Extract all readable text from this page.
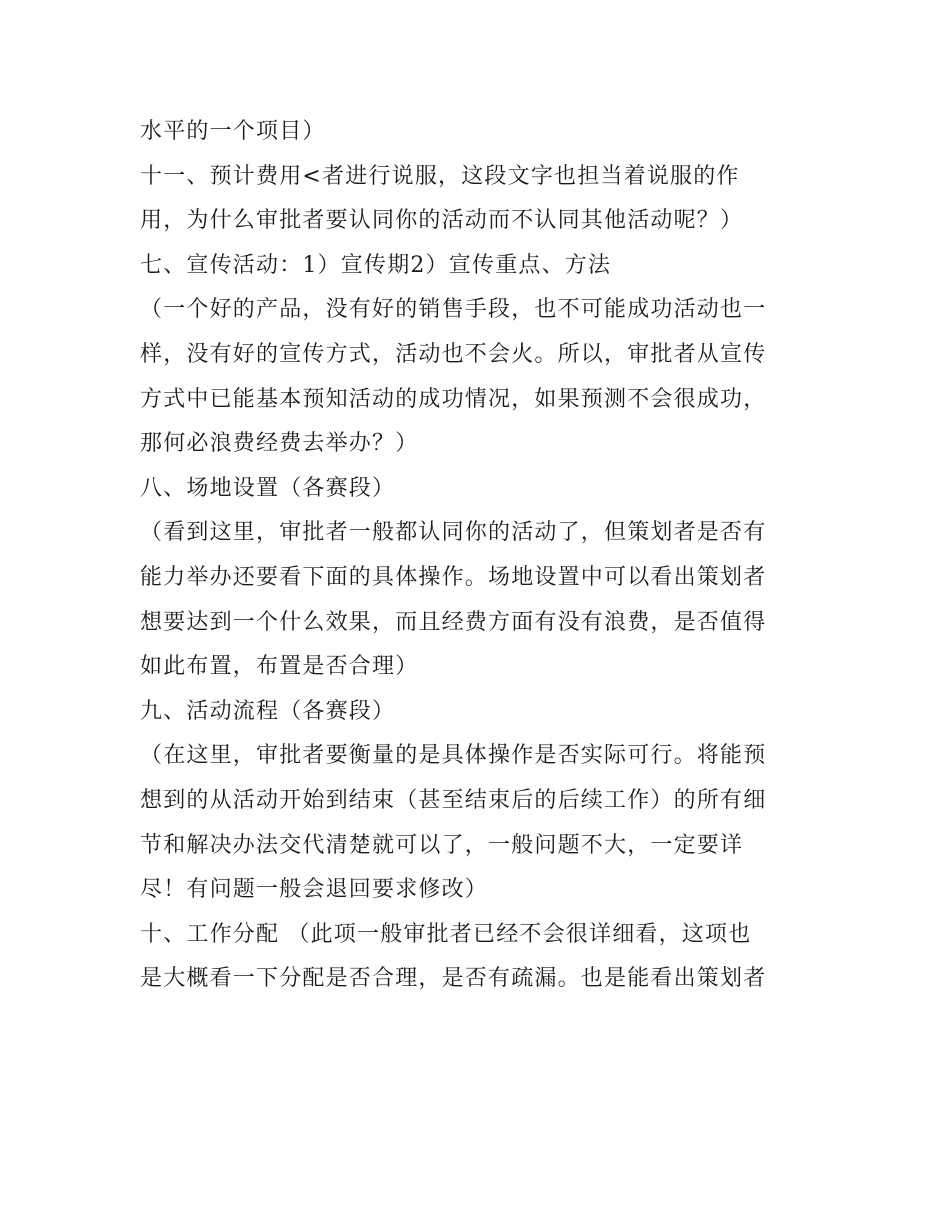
水平的一个项目）
十一、预计费用<者进行说服，这段文字也担当着说服的作
用，为什么审批者要认同你的活动而不认同其他活动呢？）
七、宣传活动：1）宣传期2）宣传重点、方法
（一个好的产品，没有好的销售手段，也不可能成功活动也一
样，没有好的宣传方式，活动也不会火。所以，审批者从宣传
方式中已能基本预知活动的成功情况，如果预测不会很成功，
那何必浪费经费去举办？）
八、场地设置（各赛段）
（看到这里，审批者一般都认同你的活动了，但策划者是否有
能力举办还要看下面的具体操作。场地设置中可以看出策划者
想要达到一个什么效果，而且经费方面有没有浪费，是否值得
如此布置，布置是否合理）
九、活动流程（各赛段）
（在这里，审批者要衡量的是具体操作是否实际可行。将能预
想到的从活动开始到结束（甚至结束后的后续工作）的所有细
节和解决办法交代清楚就可以了，一般问题不大，一定要详
尽！有问题一般会退回要求修改）
十、工作分配 （此项一般审批者已经不会很详细看，这项也
是大概看一下分配是否合理，是否有疏漏。也是能看出策划者
